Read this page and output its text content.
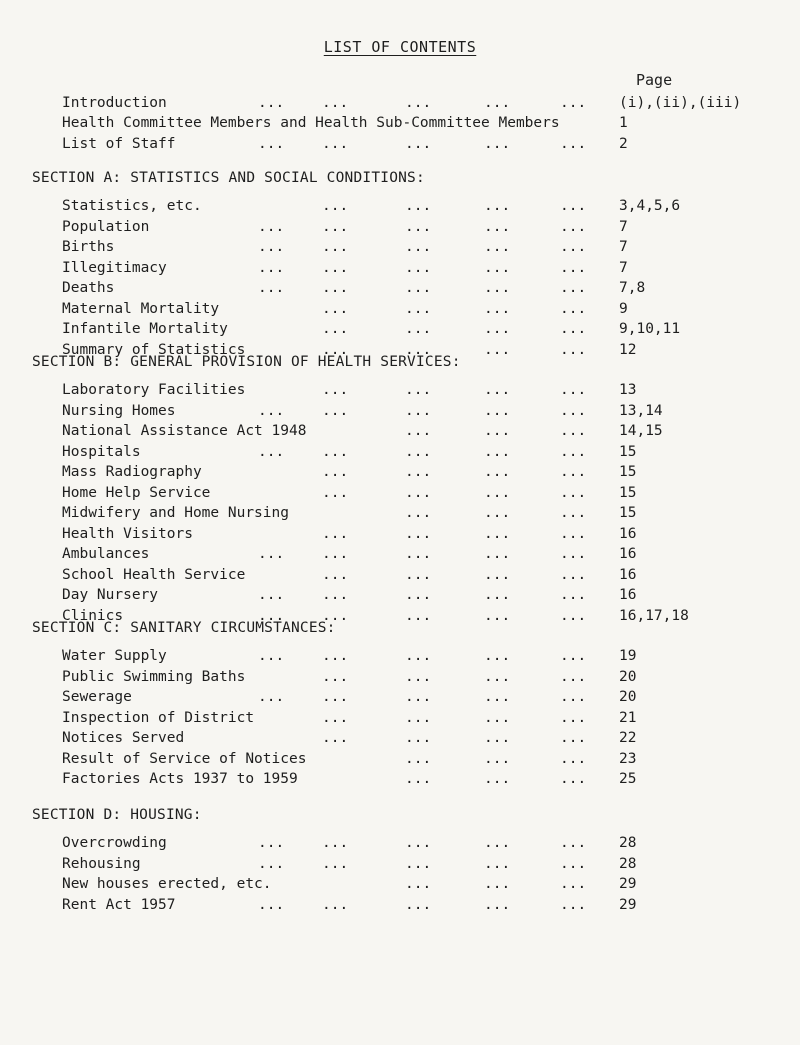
LIST OF CONTENTS
Page
Introduction	...	...	...	...	... (i),(ii),(iii)
Health Committee Members and Health Sub-Committee Members	1
List of Staff	...	...	...	...	... 2
SECTION A: STATISTICS AND SOCIAL CONDITIONS:
Statistics, etc.	...	...	...	... 3,4,5,6
Population	...	...	...	...	... 7
Births	...	...	...	...	... 7
Illegitimacy	...	...	...	...	... 7
Deaths	...	...	...	...	... 7,8
Maternal Mortality	...	...	...	... 9
Infantile Mortality	...	...	...	... 9,10,11
Summary of Statistics	...	...	...	... 12
SECTION B: GENERAL PROVISION OF HEALTH SERVICES:
Laboratory Facilities	...	...	...	... 13
Nursing Homes	...	...	...	...	... 13,14
National Assistance Act 1948	...	...	... 14,15
Hospitals	...	...	...	...	... 15
Mass Radiography	...	...	...	... 15
Home Help Service	...	...	...	... 15
Midwifery and Home Nursing	...	...	... 15
Health Visitors	...	...	...	... 16
Ambulances	...	...	...	...	... 16
School Health Service	...	...	...	... 16
Day Nursery	...	...	...	...	... 16
Clinics	...	...	...	...	... 16,17,18
SECTION C: SANITARY CIRCUMSTANCES:
Water Supply	...	...	...	...	... 19
Public Swimming Baths	...	...	...	... 20
Sewerage	...	...	...	...	... 20
Inspection of District	...	...	...	... 21
Notices Served	...	...	...	... 22
Result of Service of Notices	...	...	... 23
Factories Acts 1937 to 1959	...	...	... 25
SECTION D: HOUSING:
Overcrowding	...	...	...	...	... 28
Rehousing	...	...	...	...	... 28
New houses erected, etc.	...	...	... 29
Rent Act 1957	...	...	...	...	... 29
